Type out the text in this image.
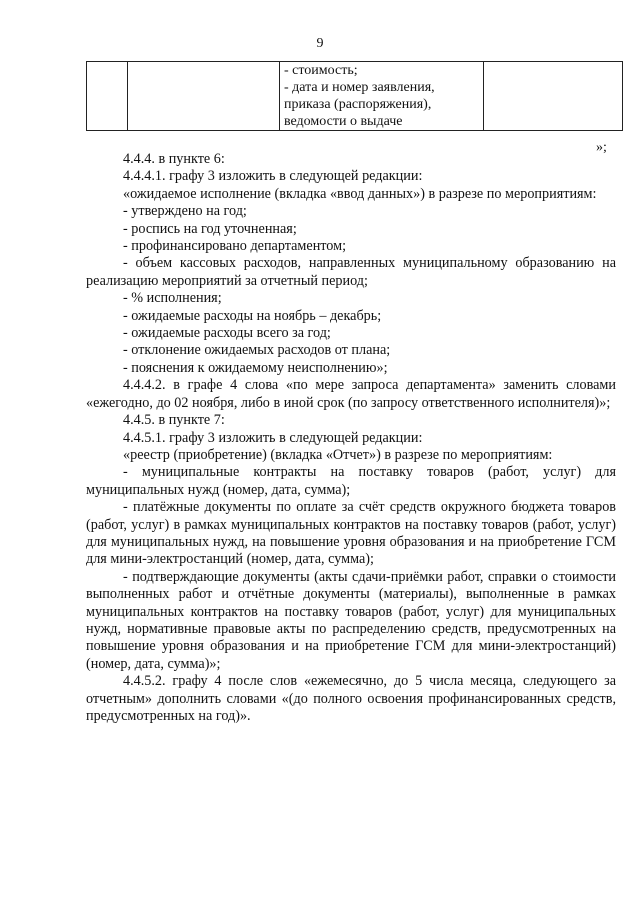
9

- стоимость;
- дата и номер заявления,
приказа (распоряжения),
ведомости о выдаче

»;

4.4.4. в пункте 6:

4.4.4.1. графу 3 изложить в следующей редакции:

«ожидаемое исполнение (вкладка «ввод данных») в разрезе по мероприятиям:

- утверждено на год;

- роспись на год уточненная;

- профинансировано департаментом;

- объем кассовых расходов, направленных муниципальному образованию на реализацию мероприятий за отчетный период;

- % исполнения;

- ожидаемые расходы на ноябрь – декабрь;

- ожидаемые расходы всего за год;

- отклонение ожидаемых расходов от плана;

- пояснения к ожидаемому неисполнению»;

4.4.4.2. в графе 4 слова «по мере запроса департамента» заменить словами «ежегодно, до 02 ноября, либо в иной срок (по запросу ответственного исполнителя)»;

4.4.5. в пункте 7:

4.4.5.1. графу 3 изложить в следующей редакции:

«реестр (приобретение) (вкладка «Отчет») в разрезе по мероприятиям:

- муниципальные контракты на поставку товаров (работ, услуг) для муниципальных нужд (номер, дата, сумма);

- платёжные документы по оплате за счёт средств окружного бюджета товаров (работ, услуг) в рамках муниципальных контрактов на поставку товаров (работ, услуг) для муниципальных нужд, на повышение уровня образования и на приобретение ГСМ для мини-электростанций (номер, дата, сумма);

- подтверждающие документы (акты сдачи-приёмки работ, справки о стоимости выполненных работ и отчётные документы (материалы), выполненные в рамках муниципальных контрактов на поставку товаров (работ, услуг) для муниципальных нужд, нормативные правовые акты по распределению средств, предусмотренных на повышение уровня образования и на приобретение ГСМ для мини-электростанций) (номер, дата, сумма)»;

4.4.5.2. графу 4 после слов «ежемесячно, до 5 числа месяца, следующего за отчетным» дополнить словами «(до полного освоения профинансированных средств, предусмотренных на год)».
